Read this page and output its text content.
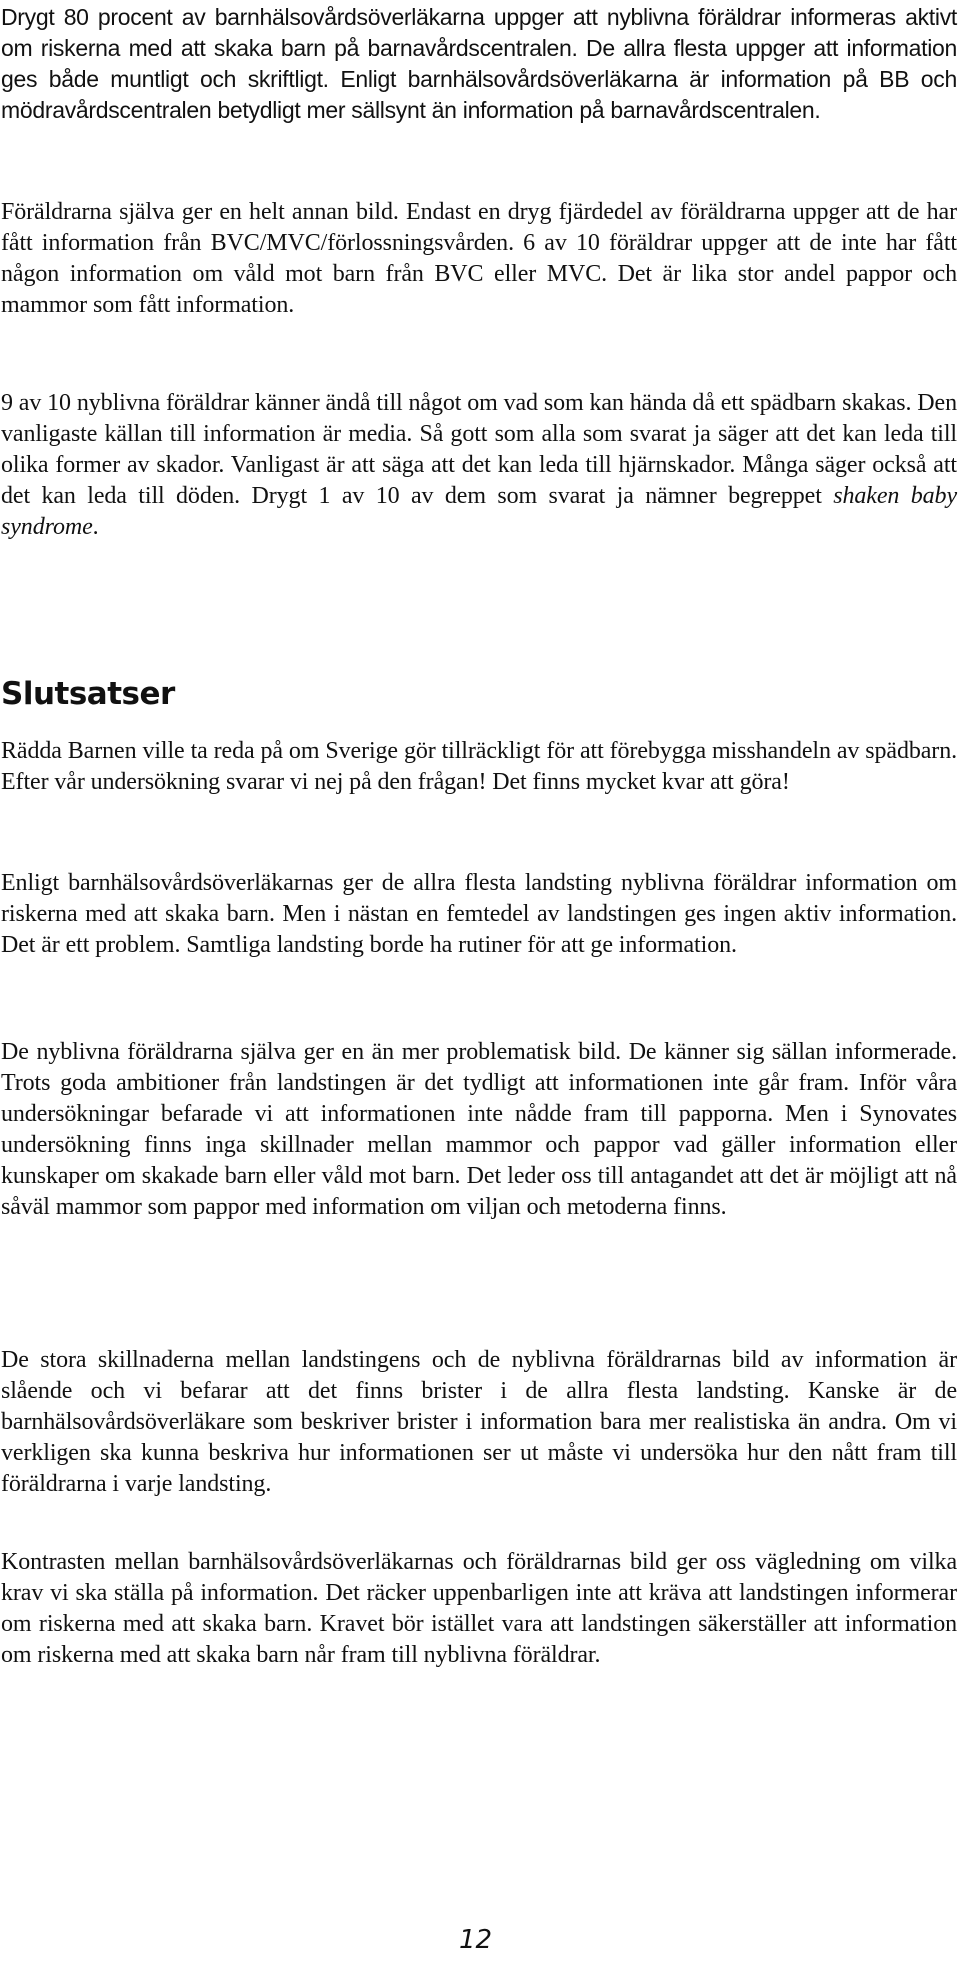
Drygt 80 procent av barnhälsovårdsöverläkarna uppger att nyblivna föräldrar informeras aktivt om riskerna med att skaka barn på barnavårdscentralen. De allra flesta uppger att information ges både muntligt och skriftligt. Enligt barnhälsovårdsöverläkarna är information på BB och mödravårdscentralen betydligt mer sällsynt än information på barnavårdscentralen.

Föräldrarna själva ger en helt annan bild. Endast en dryg fjärdedel av föräldrarna uppger att de har fått information från BVC/MVC/förlossningsvården. 6 av 10 föräldrar uppger att de inte har fått någon information om våld mot barn från BVC eller MVC. Det är lika stor andel pappor och mammor som fått information.

9 av 10 nyblivna föräldrar känner ändå till något om vad som kan hända då ett spädbarn skakas. Den vanligaste källan till information är media. Så gott som alla som svarat ja säger att det kan leda till olika former av skador. Vanligast är att säga att det kan leda till hjärnskador. Många säger också att det kan leda till döden. Drygt 1 av 10 av dem som svarat ja nämner begreppet shaken baby syndrome.

Slutsatser

Rädda Barnen ville ta reda på om Sverige gör tillräckligt för att förebygga misshandeln av spädbarn. Efter vår undersökning svarar vi nej på den frågan! Det finns mycket kvar att göra!

Enligt barnhälsovårdsöverläkarnas ger de allra flesta landsting nyblivna föräldrar information om riskerna med att skaka barn. Men i nästan en femtedel av landstingen ges ingen aktiv information. Det är ett problem. Samtliga landsting borde ha rutiner för att ge information.

De nyblivna föräldrarna själva ger en än mer problematisk bild. De känner sig sällan informerade. Trots goda ambitioner från landstingen är det tydligt att informationen inte går fram. Inför våra undersökningar befarade vi att informationen inte nådde fram till papporna. Men i Synovates undersökning finns inga skillnader mellan mammor och pappor vad gäller information eller kunskaper om skakade barn eller våld mot barn. Det leder oss till antagandet att det är möjligt att nå såväl mammor som pappor med information om viljan och metoderna finns.

De stora skillnaderna mellan landstingens och de nyblivna föräldrarnas bild av information är slående och vi befarar att det finns brister i de allra flesta landsting. Kanske är de barnhälsovårdsöverläkare som beskriver brister i information bara mer realistiska än andra. Om vi verkligen ska kunna beskriva hur informationen ser ut måste vi undersöka hur den nått fram till föräldrarna i varje landsting.

Kontrasten mellan barnhälsovårdsöverläkarnas och föräldrarnas bild ger oss vägledning om vilka krav vi ska ställa på information. Det räcker uppenbarligen inte att kräva att landstingen informerar om riskerna med att skaka barn. Kravet bör istället vara att landstingen säkerställer att information om riskerna med att skaka barn når fram till nyblivna föräldrar.

12
